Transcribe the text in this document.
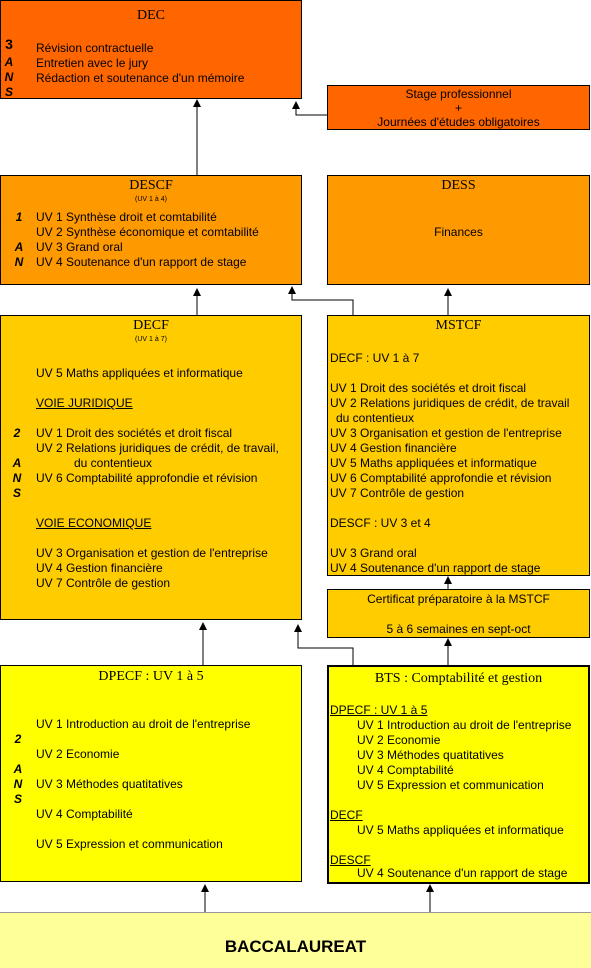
DEC
3
A
N
S
Révision contractuelle
Entretien avec le jury
Rédaction et soutenance d'un mémoire
Stage professionnel
+
Journées d'études obligatoires
DESCF
(UV 1 à 4)
1
A
N
UV 1 Synthèse droit et comtabilité
UV 2 Synthèse économique et comtabilité
UV 3 Grand oral
UV 4 Soutenance d'un rapport de stage
DESS
Finances
DECF
(UV 1 à 7)
UV 5 Maths appliquées et informatique
VOIE JURIDIQUE
2
A
N
S
UV 1 Droit des sociétés et droit fiscal
UV 2 Relations juridiques de crédit, de travail,
du contentieux
UV 6 Comptabilité approfondie et révision
VOIE ECONOMIQUE
UV 3 Organisation et gestion de l'entreprise
UV 4 Gestion financière
UV 7 Contrôle de gestion
MSTCF
DECF : UV 1 à 7
UV 1 Droit des sociétés et droit fiscal
UV 2 Relations juridiques de crédit, de travail
du contentieux
UV 3 Organisation et gestion de l'entreprise
UV 4 Gestion financière
UV 5 Maths appliquées et informatique
UV 6 Comptabilité approfondie et révision
UV 7 Contrôle de gestion
DESCF : UV 3 et 4
UV 3 Grand oral
UV 4 Soutenance d'un rapport de stage
Certificat préparatoire à la MSTCF
5 à 6 semaines en sept-oct
DPECF : UV 1 à 5
UV 1 Introduction au droit de l'entreprise
2
UV 2 Economie
A
N UV 3 Méthodes quatitatives
S
UV 4 Comptabilité
UV 5 Expression et communication
BTS : Comptabilité et gestion
DPECF : UV 1 à 5
UV 1 Introduction au droit de l'entreprise
UV 2 Economie
UV 3 Méthodes quatitatives
UV 4 Comptabilité
UV 5 Expression et communication
DECF
UV 5 Maths appliquées et informatique
DESCF
UV 4 Soutenance d'un rapport de stage
BACCALAUREAT
